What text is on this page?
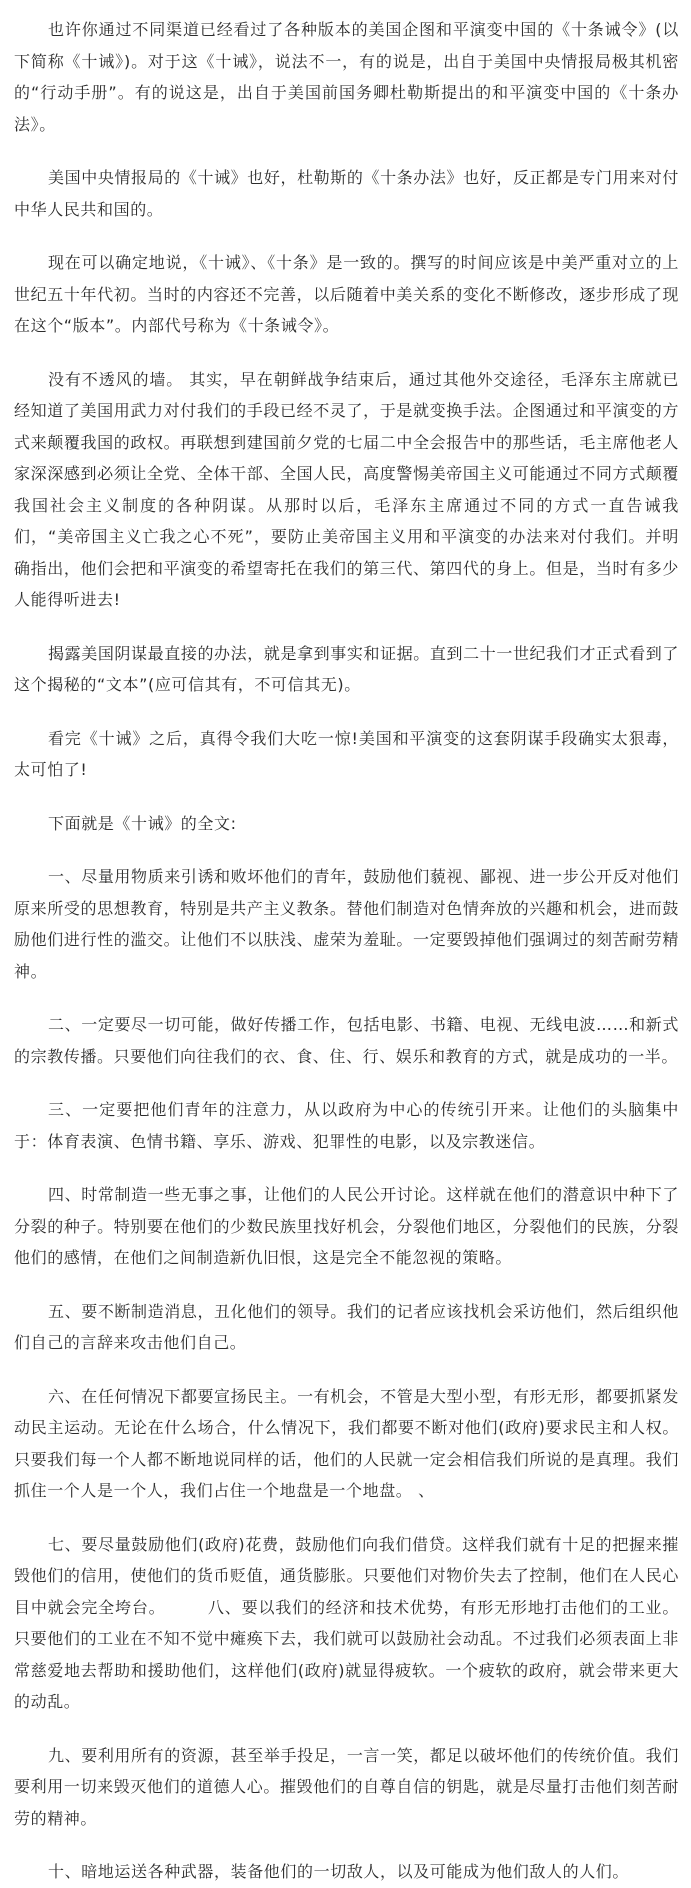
也许你通过不同渠道已经看过了各种版本的美国企图和平演变中国的《十条诫令》(以下简称《十诫》)。对于这《十诫》，说法不一，有的说是，出自于美国中央情报局极其机密的“行动手册”。有的说这是，出自于美国前国务卿杜勒斯提出的和平演变中国的《十条办法》。

美国中央情报局的《十诫》也好，杜勒斯的《十条办法》也好，反正都是专门用来对付中华人民共和国的。

现在可以确定地说，《十诫》、《十条》是一致的。撰写的时间应该是中美严重对立的上世纪五十年代初。当时的内容还不完善，以后随着中美关系的变化不断修改，逐步形成了现在这个“版本”。内部代号称为《十条诫令》。

没有不透风的墙。 其实，早在朝鲜战争结束后，通过其他外交途径，毛泽东主席就已经知道了美国用武力对付我们的手段已经不灵了，于是就变换手法。企图通过和平演变的方式来颠覆我国的政权。再联想到建国前夕党的七届二中全会报告中的那些话，毛主席他老人家深深感到必须让全党、全体干部、全国人民，高度警惕美帝国主义可能通过不同方式颠覆我国社会主义制度的各种阴谋。从那时以后，毛泽东主席通过不同的方式一直告诫我们，“美帝国主义亡我之心不死”，要防止美帝国主义用和平演变的办法来对付我们。并明确指出，他们会把和平演变的希望寄托在我们的第三代、第四代的身上。但是，当时有多少人能得听进去!

揭露美国阴谋最直接的办法，就是拿到事实和证据。直到二十一世纪我们才正式看到了这个揭秘的“文本”(应可信其有，不可信其无)。

看完《十诫》之后，真得令我们大吃一惊!美国和平演变的这套阴谋手段确实太狠毒，太可怕了!

下面就是《十诫》的全文:

一、尽量用物质来引诱和败坏他们的青年，鼓励他们藐视、鄙视、进一步公开反对他们原来所受的思想教育，特别是共产主义教条。替他们制造对色情奔放的兴趣和机会，进而鼓励他们进行性的滥交。让他们不以肤浅、虚荣为羞耻。一定要毁掉他们强调过的刻苦耐劳精神。

二、一定要尽一切可能，做好传播工作，包括电影、书籍、电视、无线电波……和新式的宗教传播。只要他们向往我们的衣、食、住、行、娱乐和教育的方式，就是成功的一半。

三、一定要把他们青年的注意力，从以政府为中心的传统引开来。让他们的头脑集中于：体育表演、色情书籍、享乐、游戏、犯罪性的电影，以及宗教迷信。

四、时常制造一些无事之事，让他们的人民公开讨论。这样就在他们的潜意识中种下了分裂的种子。特别要在他们的少数民族里找好机会，分裂他们地区，分裂他们的民族，分裂他们的感情，在他们之间制造新仇旧恨，这是完全不能忽视的策略。

五、要不断制造消息，丑化他们的领导。我们的记者应该找机会采访他们，然后组织他们自己的言辞来攻击他们自己。

六、在任何情况下都要宣扬民主。一有机会，不管是大型小型，有形无形，都要抓紧发动民主运动。无论在什么场合，什么情况下，我们都要不断对他们(政府)要求民主和人权。只要我们每一个人都不断地说同样的话，他们的人民就一定会相信我们所说的是真理。我们抓住一个人是一个人，我们占住一个地盘是一个地盘。 、

七、要尽量鼓励他们(政府)花费，鼓励他们向我们借贷。这样我们就有十足的把握来摧毁他们的信用，使他们的货币贬值，通货膨胀。只要他们对物价失去了控制，他们在人民心目中就会完全垮台。　　　八、要以我们的经济和技术优势，有形无形地打击他们的工业。只要他们的工业在不知不觉中瘫痪下去，我们就可以鼓励社会动乱。不过我们必须表面上非常慈爱地去帮助和援助他们，这样他们(政府)就显得疲软。一个疲软的政府，就会带来更大的动乱。

九、要利用所有的资源，甚至举手投足，一言一笑，都足以破坏他们的传统价值。我们要利用一切来毁灭他们的道德人心。摧毁他们的自尊自信的钥匙，就是尽量打击他们刻苦耐劳的精神。

十、暗地运送各种武器，装备他们的一切敌人，以及可能成为他们敌人的人们。
